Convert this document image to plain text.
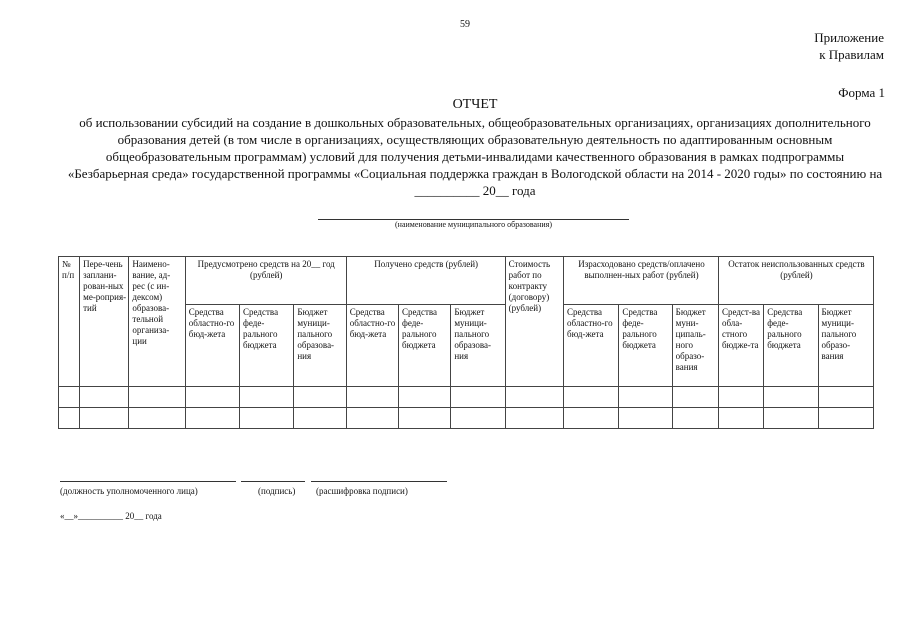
59
Приложение
к Правилам
Форма 1
ОТЧЕТ
об использовании субсидий на создание в дошкольных образовательных, общеобразовательных организациях, организациях дополнительного образования детей (в том числе в организациях, осуществляющих образовательную деятельность по адаптированным основным общеобразовательным программам) условий для получения детьми-инвалидами качественного образования в рамках подпрограммы «Безбарьерная среда» государственной программы «Социальная поддержка граждан в Вологодской области на 2014 - 2020 годы» по состоянию на __________ 20__ года
(наименование муниципального образования)
№ п/п	Пере-чень заплани-рован-ных ме-роприя-тий	Наимено-вание, ад-рес (с ин-дексом) образова-тельной организа-ции	Предусмотрено средств на 20__ год (рублей)			Получено средств (рублей)			Стоимость работ по контракту (договору) (рублей)	Израсходовано средств/оплачено выполнен-ных работ (рублей)			Остаток неиспользованных средств (рублей)		
			Средства областно-го бюд-жета	Средства феде-рального бюджета	Бюджет муници-пального образова-ния	Средства областно-го бюд-жета	Средства феде-рального бюджета	Бюджет муници-пального образова-ния		Средства областно-го бюд-жета	Средства феде-рального бюджета	Бюджет муни-ципаль-ного образо-вания	Средст-ва обла-стного бюдже-та	Средства феде-рального бюджета	Бюджет муници-пального образо-вания

(должность уполномоченного лица)	(подпись) (расшифровка подписи)
«__»__________ 20__ года
